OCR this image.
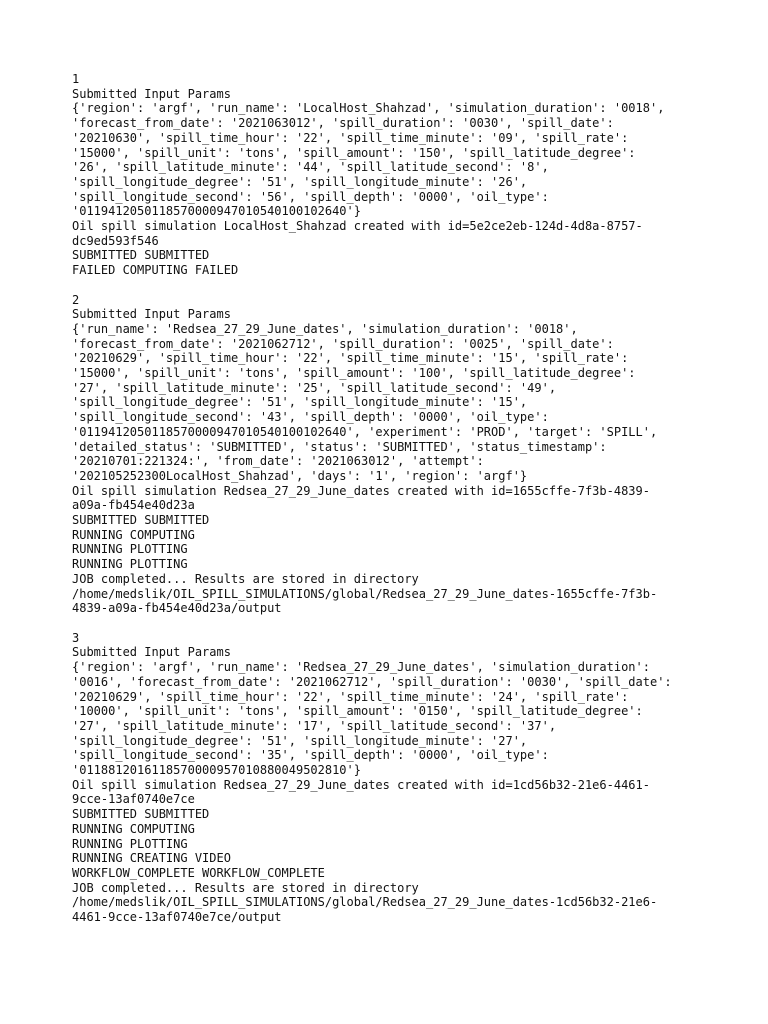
1
Submitted Input Params
{'region': 'argf', 'run_name': 'LocalHost_Shahzad', 'simulation_duration': '0018',
'forecast_from_date': '2021063012', 'spill_duration': '0030', 'spill_date':
'20210630', 'spill_time_hour': '22', 'spill_time_minute': '09', 'spill_rate':
'15000', 'spill_unit': 'tons', 'spill_amount': '150', 'spill_latitude_degree':
'26', 'spill_latitude_minute': '44', 'spill_latitude_second': '8',
'spill_longitude_degree': '51', 'spill_longitude_minute': '26',
'spill_longitude_second': '56', 'spill_depth': '0000', 'oil_type':
'0119412050118570000947010540100102640'}
Oil spill simulation LocalHost_Shahzad created with id=5e2ce2eb-124d-4d8a-8757-
dc9ed593f546
SUBMITTED SUBMITTED
FAILED COMPUTING FAILED
2
Submitted Input Params
{'run_name': 'Redsea_27_29_June_dates', 'simulation_duration': '0018',
'forecast_from_date': '2021062712', 'spill_duration': '0025', 'spill_date':
'20210629', 'spill_time_hour': '22', 'spill_time_minute': '15', 'spill_rate':
'15000', 'spill_unit': 'tons', 'spill_amount': '100', 'spill_latitude_degree':
'27', 'spill_latitude_minute': '25', 'spill_latitude_second': '49',
'spill_longitude_degree': '51', 'spill_longitude_minute': '15',
'spill_longitude_second': '43', 'spill_depth': '0000', 'oil_type':
'0119412050118570000947010540100102640', 'experiment': 'PROD', 'target': 'SPILL',
'detailed_status': 'SUBMITTED', 'status': 'SUBMITTED', 'status_timestamp':
'20210701:221324:', 'from_date': '2021063012', 'attempt':
'202105252300LocalHost_Shahzad', 'days': '1', 'region': 'argf'}
Oil spill simulation Redsea_27_29_June_dates created with id=1655cffe-7f3b-4839-
a09a-fb454e40d23a
SUBMITTED SUBMITTED
RUNNING COMPUTING
RUNNING PLOTTING
RUNNING PLOTTING
JOB completed... Results are stored in directory
/home/medslik/OIL_SPILL_SIMULATIONS/global/Redsea_27_29_June_dates-1655cffe-7f3b-
4839-a09a-fb454e40d23a/output
3
Submitted Input Params
{'region': 'argf', 'run_name': 'Redsea_27_29_June_dates', 'simulation_duration':
'0016', 'forecast_from_date': '2021062712', 'spill_duration': '0030', 'spill_date':
'20210629', 'spill_time_hour': '22', 'spill_time_minute': '24', 'spill_rate':
'10000', 'spill_unit': 'tons', 'spill_amount': '0150', 'spill_latitude_degree':
'27', 'spill_latitude_minute': '17', 'spill_latitude_second': '37',
'spill_longitude_degree': '51', 'spill_longitude_minute': '27',
'spill_longitude_second': '35', 'spill_depth': '0000', 'oil_type':
'0118812016118570000957010880049502810'}
Oil spill simulation Redsea_27_29_June_dates created with id=1cd56b32-21e6-4461-
9cce-13af0740e7ce
SUBMITTED SUBMITTED
RUNNING COMPUTING
RUNNING PLOTTING
RUNNING CREATING VIDEO
WORKFLOW_COMPLETE WORKFLOW_COMPLETE
JOB completed... Results are stored in directory
/home/medslik/OIL_SPILL_SIMULATIONS/global/Redsea_27_29_June_dates-1cd56b32-21e6-
4461-9cce-13af0740e7ce/output
